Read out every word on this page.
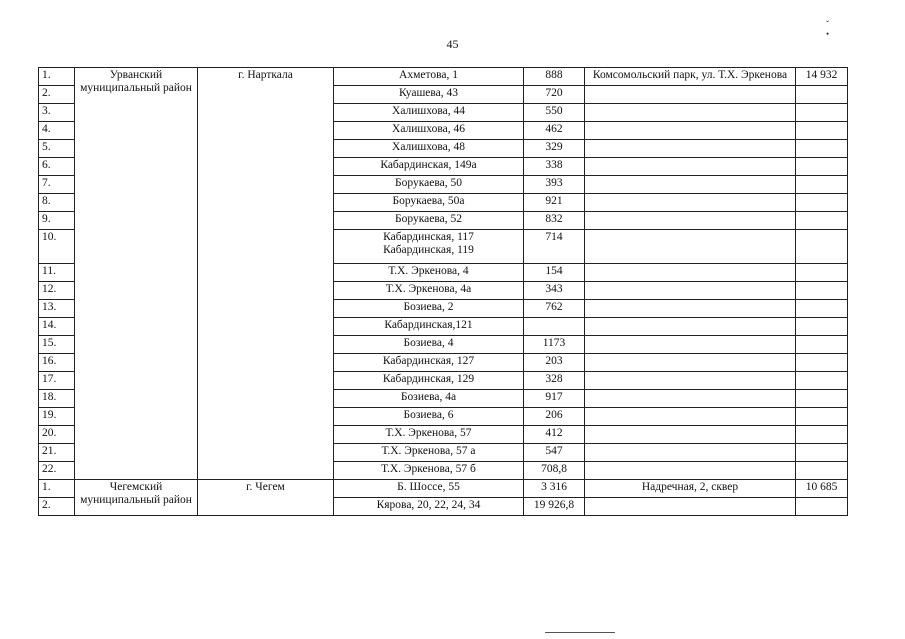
45
ˇ •
1.	Урванский муниципальный район	г. Нарткала	Ахметова, 1	888	Комсомольский парк, ул. Т.Х. Эркенова	14 932
2.			Куашева, 43	720		
3.			Халишхова, 44	550		
4.			Халишхова, 46	462		
5.			Халишхова, 48	329		
6.			Кабардинская, 149а	338		
7.			Борукаева, 50	393		
8.			Борукаева, 50а	921		
9.			Борукаева, 52	832		
10.			Кабардинская, 117
Кабардинская, 119	714		
11.			Т.Х. Эркенова, 4	154		
12.			Т.Х. Эркенова, 4а	343		
13.			Бозиева, 2	762		
14.			Кабардинская,121			

15.			Бозиева, 4	1173		
16.			Кабардинская, 127	203		
17.			Кабардинская, 129	328		
18.			Бозиева, 4а	917		
19.			Бозиева, 6	206		
20.			Т.Х. Эркенова, 57	412		
21.			Т.Х. Эркенова, 57 а	547		
22.			Т.Х. Эркенова, 57 б	708,8		
1.	Чегемский муниципальный район	г. Чегем	Б. Шоссе, 55	3 316	Надречная, 2, сквер	10 685
2.			Кярова, 20, 22, 24, 34	19 926,8		
